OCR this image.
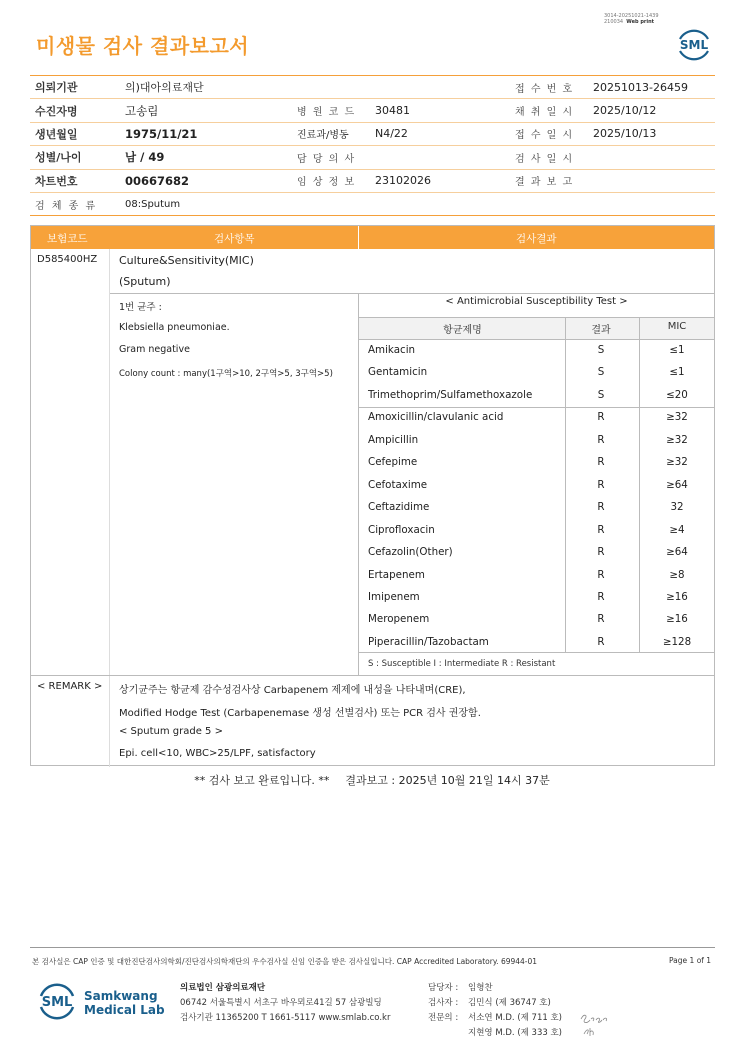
3014-20251021-1439
210034 Web print
미생물 검사 결과보고서	SML
의뢰기관	의)대아의료재단	접 수 번 호 20251013-26459
수진자명	고송림	병 원 코 드 30481	채 취 일 시 2025/10/12
생년월일	1975/11/21	진료과/병동 N4/22	접 수 일 시 2025/10/13
성별/나이	남 / 49	담 당 의 사	검 사 일 시
차트번호	00667682	임 상 정 보 23102026	결 과 보 고
검 체 종 류	08:Sputum
보험코드	검사항목	검사결과
D585400HZ Culture&Sensitivity(MIC)
(Sputum)
1번 균주 :
Klebsiella pneumoniae.
Gram negative
Colony count : many(1구역>10, 2구역>5, 3구역>5)
< Antimicrobial Susceptibility Test >
항균제명	결과	MIC
Amikacin	S	≤1
Gentamicin	S	≤1
Trimethoprim/Sulfamethoxazole	S	≤20
Amoxicillin/clavulanic acid	R	≥32
Ampicillin	R	≥32
Cefepime	R	≥32
Cefotaxime	R	≥64
Ceftazidime	R	32
Ciprofloxacin	R	≥4
Cefazolin(Other)	R	≥64
Ertapenem	R	≥8
Imipenem	R	≥16
Meropenem	R	≥16
Piperacillin/Tazobactam	R	≥128
S : Susceptible I : Intermediate R : Resistant
< REMARK > 상기균주는 항균제 감수성검사상 Carbapenem 제제에 내성을 나타내며(CRE),
Modified Hodge Test (Carbapenemase 생성 선별검사) 또는 PCR 검사 권장함.
< Sputum grade 5 >
Epi. cell<10, WBC>25/LPF, satisfactory
** 검사 보고 완료입니다. ** 결과보고 : 2025년 10월 21일 14시 37분
본 검사실은 CAP 인증 및 대한진단검사의학회/진단검사의학재단의 우수검사실 신임 인증을 받은 검사실입니다. CAP Accredited Laboratory. 69944-01	Page 1 of 1
SML Samkwang
Medical Lab
의료법인 삼광의료재단
06742 서울특별시 서초구 바우뫼로41길 57 삼광빌딩
검사기관 11365200 T 1661-5117 www.smlab.co.kr
담당자 : 임형찬
검사자 : 김민식 (제 36747 호)
전문의 : 서소연 M.D. (제 711 호)
지현영 M.D. (제 333 호)
